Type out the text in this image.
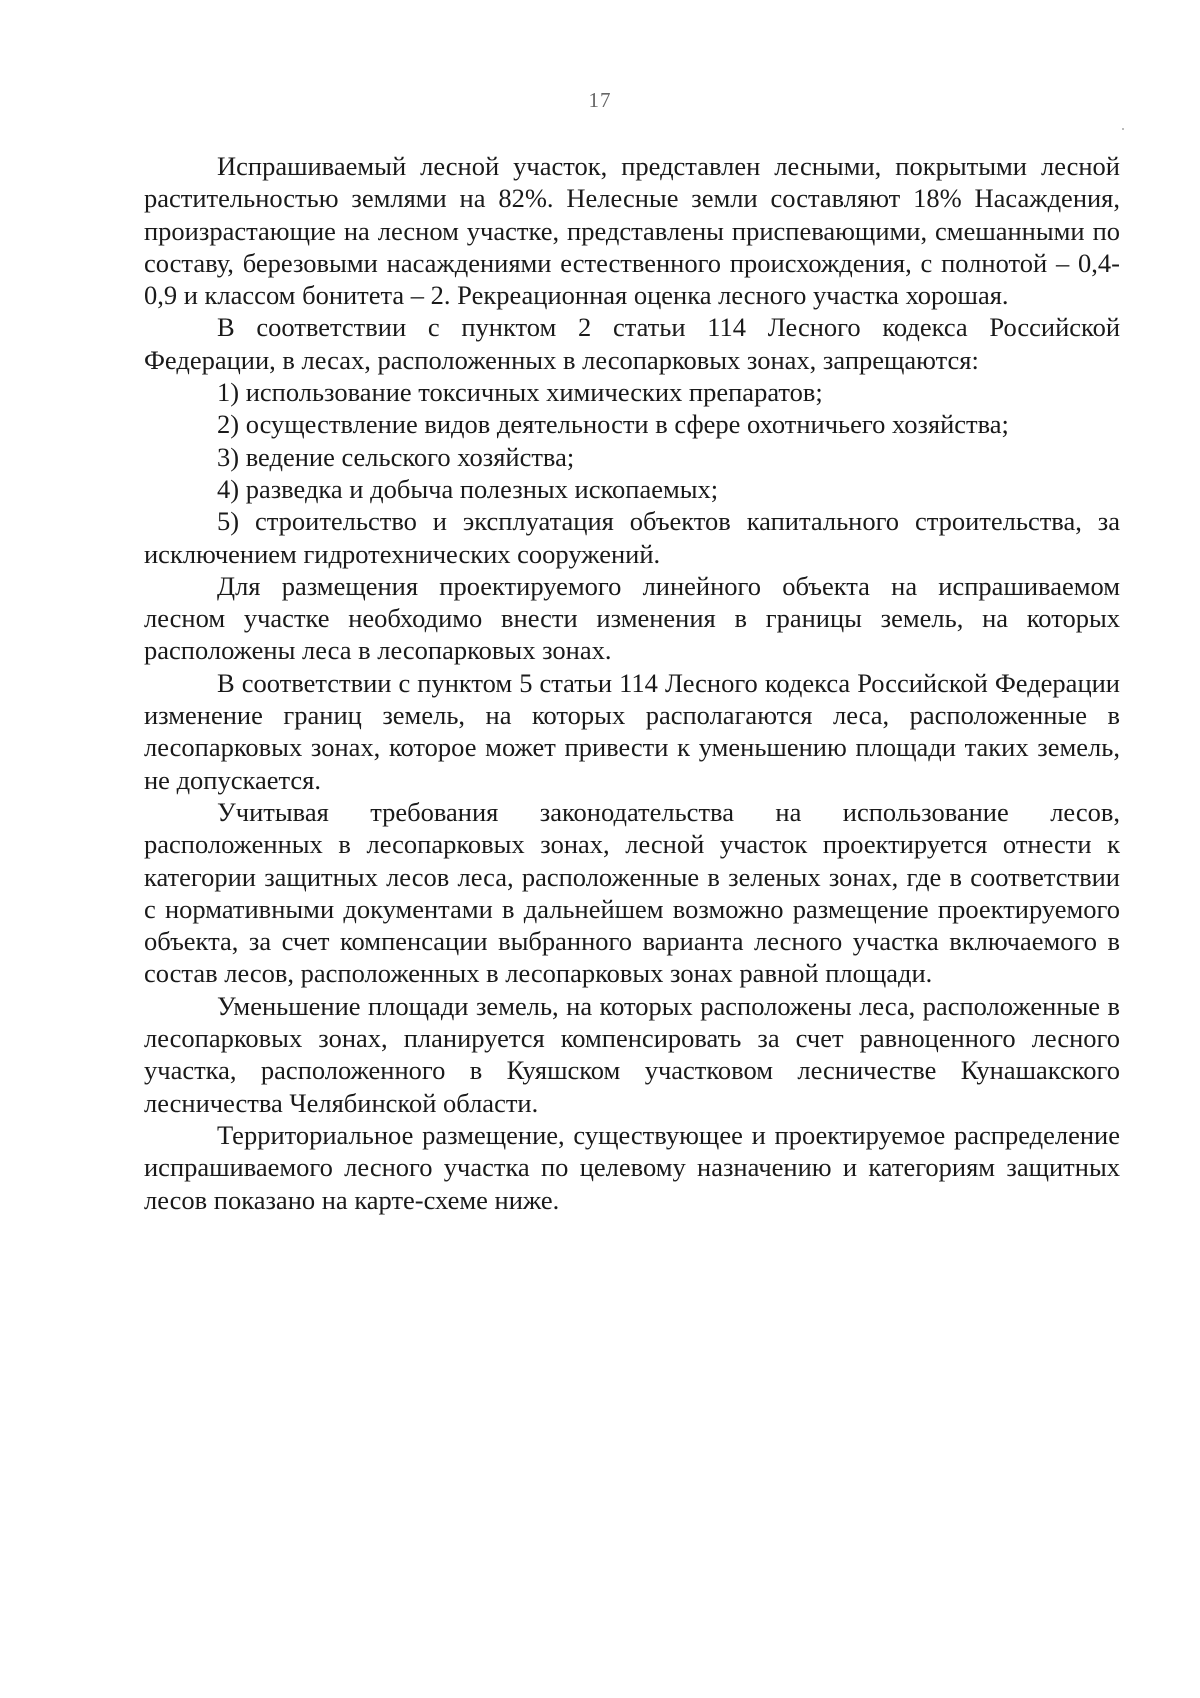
17

Испрашиваемый лесной участок, представлен лесными, покрытыми лесной растительностью землями на 82%. Нелесные земли составляют 18% Насаждения, произрастающие на лесном участке, представлены приспевающими, смешанными по составу, березовыми насаждениями естественного происхождения, с полнотой – 0,4-0,9 и классом бонитета – 2. Рекреационная оценка лесного участка хорошая.

В соответствии с пунктом 2 статьи 114 Лесного кодекса Российской Федерации, в лесах, расположенных в лесопарковых зонах, запрещаются:

1) использование токсичных химических препаратов;

2) осуществление видов деятельности в сфере охотничьего хозяйства;

3) ведение сельского хозяйства;

4) разведка и добыча полезных ископаемых;

5) строительство и эксплуатация объектов капитального строительства, за исключением гидротехнических сооружений.

Для размещения проектируемого линейного объекта на испрашиваемом лесном участке необходимо внести изменения в границы земель, на которых расположены леса в лесопарковых зонах.

В соответствии с пунктом 5 статьи 114 Лесного кодекса Российской Федерации изменение границ земель, на которых располагаются леса, расположенные в лесопарковых зонах, которое может привести к уменьшению площади таких земель, не допускается.

Учитывая требования законодательства на использование лесов, расположенных в лесопарковых зонах, лесной участок проектируется отнести к категории защитных лесов леса, расположенные в зеленых зонах, где в соответствии с нормативными документами в дальнейшем возможно размещение проектируемого объекта, за счет компенсации выбранного варианта лесного участка включаемого в состав лесов, расположенных в лесопарковых зонах равной площади.

Уменьшение площади земель, на которых расположены леса, расположенные в лесопарковых зонах, планируется компенсировать за счет равноценного лесного участка, расположенного в Куяшском участковом лесничестве Кунашакского лесничества Челябинской области.

Территориальное размещение, существующее и проектируемое распределение испрашиваемого лесного участка по целевому назначению и категориям защитных лесов показано на карте-схеме ниже.
